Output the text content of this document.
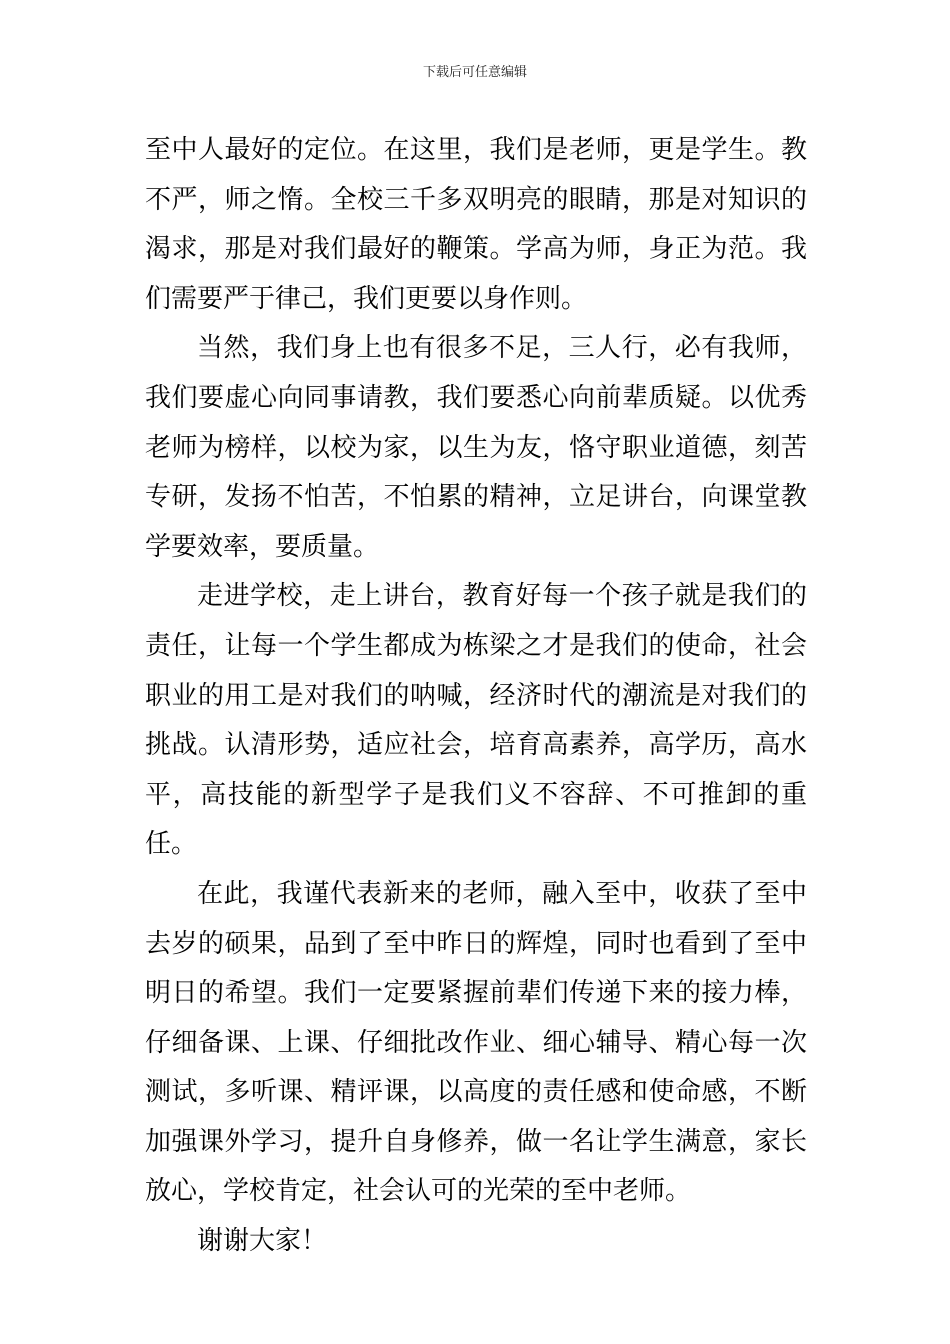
下载后可任意编辑

至中人最好的定位。在这里，我们是老师，更是学生。教不严，师之惰。全校三千多双明亮的眼睛，那是对知识的渴求，那是对我们最好的鞭策。学高为师，身正为范。我们需要严于律己，我们更要以身作则。

当然，我们身上也有很多不足，三人行，必有我师，我们要虚心向同事请教，我们要悉心向前辈质疑。以优秀老师为榜样，以校为家，以生为友，恪守职业道德，刻苦专研，发扬不怕苦，不怕累的精神，立足讲台，向课堂教学要效率，要质量。

走进学校，走上讲台，教育好每一个孩子就是我们的责任，让每一个学生都成为栋梁之才是我们的使命，社会职业的用工是对我们的呐喊，经济时代的潮流是对我们的挑战。认清形势，适应社会，培育高素养，高学历，高水平，高技能的新型学子是我们义不容辞、不可推卸的重任。

在此，我谨代表新来的老师，融入至中，收获了至中去岁的硕果，品到了至中昨日的辉煌，同时也看到了至中明日的希望。我们一定要紧握前辈们传递下来的接力棒，仔细备课、上课、仔细批改作业、细心辅导、精心每一次测试，多听课、精评课，以高度的责任感和使命感，不断加强课外学习，提升自身修养，做一名让学生满意，家长放心，学校肯定，社会认可的光荣的至中老师。

谢谢大家！
